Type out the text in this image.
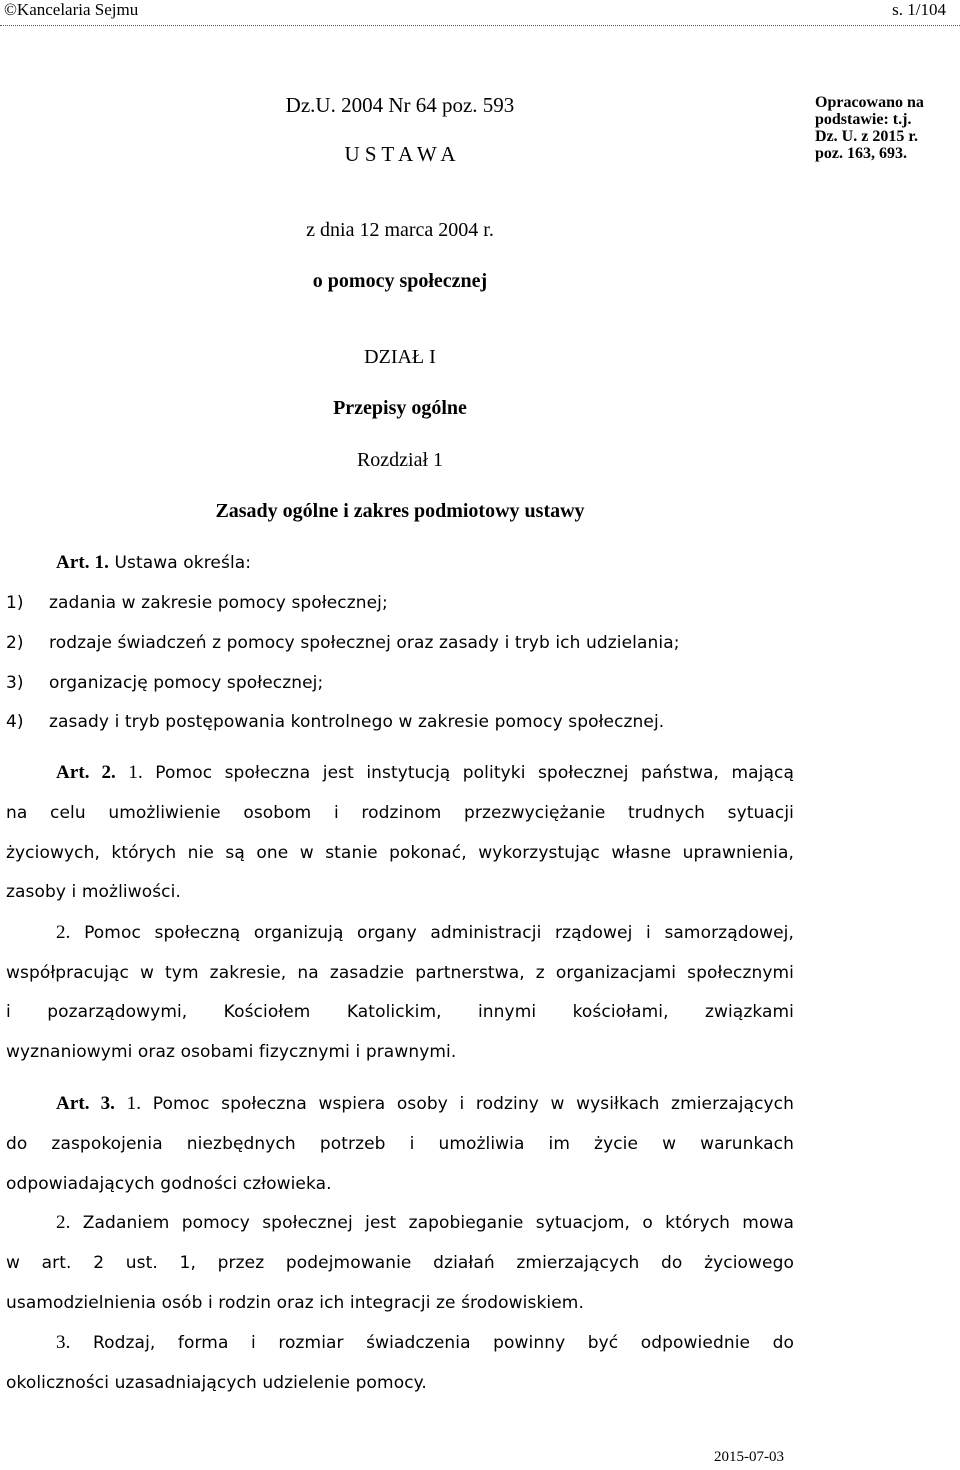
©Kancelaria Sejmu	s. 1/104
Opracowano na
podstawie: t.j.
Dz. U. z 2015 r.
poz. 163, 693.
Dz.U. 2004 Nr 64 poz. 593
U S T A W A
z dnia 12 marca 2004 r.
o pomocy społecznej
DZIAŁ I
Przepisy ogólne
Rozdział 1
Zasady ogólne i zakres podmiotowy ustawy
Art. 1. Ustawa określa:
1) zadania w zakresie pomocy społecznej;
2) rodzaje świadczeń z pomocy społecznej oraz zasady i tryb ich udzielania;
3) organizację pomocy społecznej;
4) zasady i tryb postępowania kontrolnego w zakresie pomocy społecznej.
Art. 2. 1. Pomoc społeczna jest instytucją polityki społecznej państwa, mającą
na celu umożliwienie osobom i rodzinom przezwyciężanie trudnych sytuacji
życiowych, których nie są one w stanie pokonać, wykorzystując własne uprawnienia,
zasoby i możliwości.
2. Pomoc społeczną organizują organy administracji rządowej i samorządowej,
współpracując w tym zakresie, na zasadzie partnerstwa, z organizacjami społecznymi
i pozarządowymi, Kościołem Katolickim, innymi kościołami, związkami
wyznaniowymi oraz osobami fizycznymi i prawnymi.
Art. 3. 1. Pomoc społeczna wspiera osoby i rodziny w wysiłkach zmierzających
do zaspokojenia niezbędnych potrzeb i umożliwia im życie w warunkach
odpowiadających godności człowieka.
2. Zadaniem pomocy społecznej jest zapobieganie sytuacjom, o których mowa
w art. 2 ust. 1, przez podejmowanie działań zmierzających do życiowego
usamodzielnienia osób i rodzin oraz ich integracji ze środowiskiem.
3. Rodzaj, forma i rozmiar świadczenia powinny być odpowiednie do
okoliczności uzasadniających udzielenie pomocy.
2015-07-03
